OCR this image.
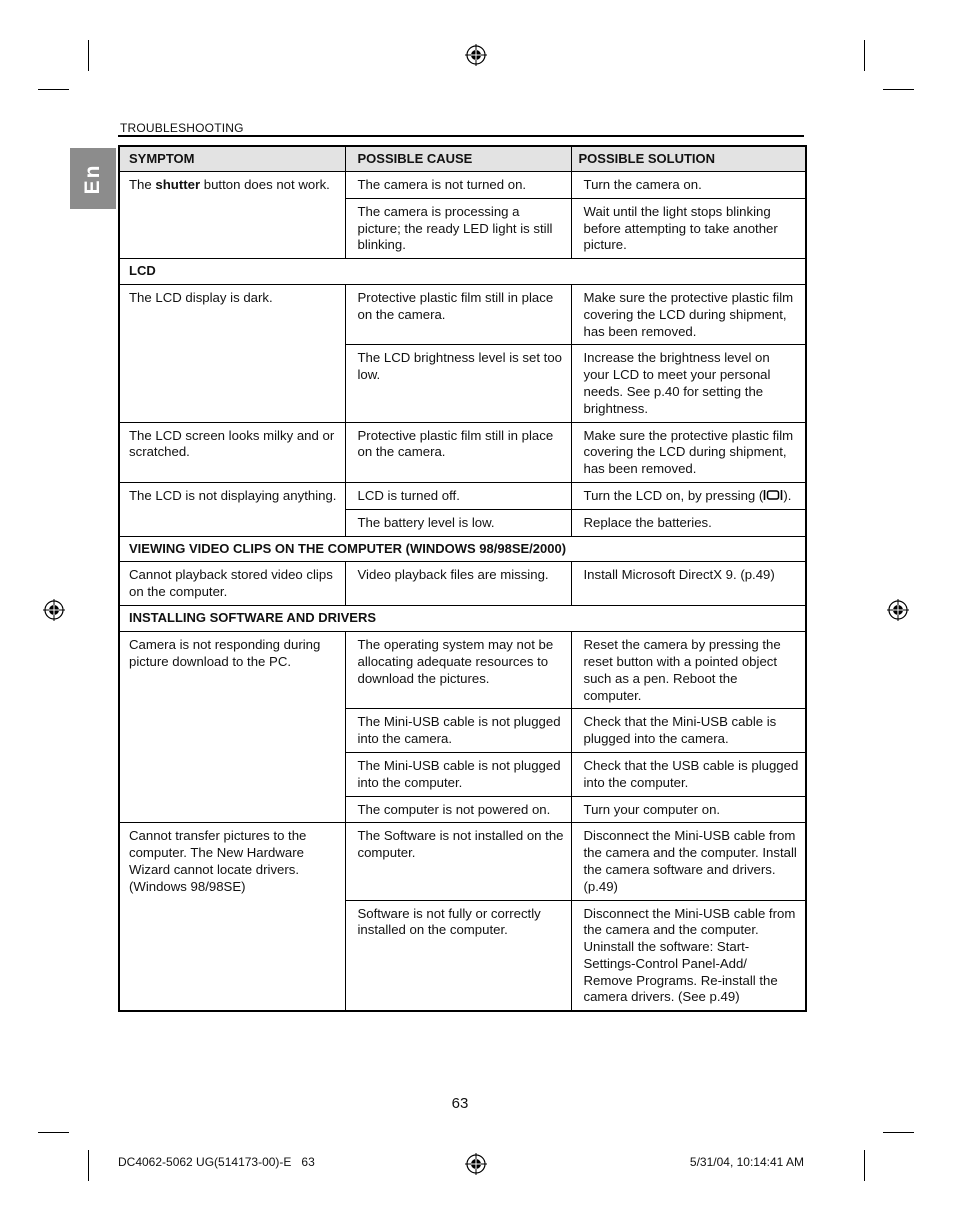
TROUBLESHOOTING
En
SYMPTOM	POSSIBLE CAUSE	POSSIBLE SOLUTION
The shutter button does not work.	The camera is not turned on.	Turn the camera on.
	The camera is processing a picture; the ready LED light is still blinking.	Wait until the light stops blinking before attempting to take another picture.
LCD		
The LCD display is dark.	Protective plastic film still in place on the camera.	Make sure the protective plastic film covering the LCD during shipment, has been removed.
	The LCD brightness level is set too low.	Increase the brightness level on your LCD to meet your personal needs. See p.40 for setting the brightness.
The LCD screen looks milky and or scratched.	Protective plastic film still in place on the camera.	Make sure the protective plastic film covering the LCD during shipment, has been removed.
The LCD is not displaying anything.	LCD is turned off.	Turn the LCD on, by pressing ( ).
	The battery level is low.	Replace the batteries.
VIEWING VIDEO CLIPS ON THE COMPUTER (WINDOWS 98/98SE/2000)		
Cannot playback stored video clips on the computer.	Video playback files are missing.	Install Microsoft DirectX 9. (p.49)
INSTALLING SOFTWARE AND DRIVERS		
Camera is not responding during picture download to the PC.	The operating system may not be allocating adequate resources to download the pictures.	Reset the camera by pressing the reset button with a pointed object such as a pen. Reboot the computer.
	The Mini-USB cable is not plugged into the camera.	Check that the Mini-USB cable is plugged into the camera.
	The Mini-USB cable is not plugged into the computer.	Check that the USB cable is plugged into the computer.
	The computer is not powered on.	Turn your computer on.
Cannot transfer pictures to the computer. The New Hardware Wizard cannot locate drivers. (Windows 98/98SE)	The Software is not installed on the computer.	Disconnect the Mini-USB cable from the camera and the computer. Install the camera software and drivers. (p.49)
	Software is not fully or correctly installed on the computer.	Disconnect the Mini-USB cable from the camera and the computer. Uninstall the software: Start-Settings-Control Panel-Add/ Remove Programs. Re-install the camera drivers. (See p.49)
63
DC4062-5062 UG(514173-00)-E   63	5/31/04, 10:14:41 AM
